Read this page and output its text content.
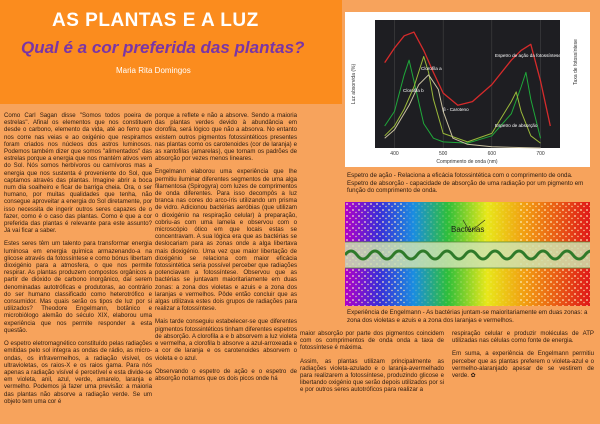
AS PLANTAS E A LUZ
Qual é a cor preferida das plantas?
Maria Rita Domingos

Como Carl Sagan disse "Somos todos poeira de estrelas". Afinal os elementos que nos constituem desde o carbono, elemento da vida, até ao ferro que nos corre nas veias e ao oxigénio que respiramos foram criados nos núcleos dos astros luminosos. Podemos também dizer que somos "alimentados" das estrelas porque a energia que nos mantém ativos vem do Sol. Nós somos herbívoros ou carnívoros mas a energia que nos sustenta é proveniente do Sol, que captamos através das plantas. Imagine abrir a boca num dia soalheiro e ficar de barriga cheia. Ora, o ser humano, por muitas qualidades que tenha, não consegue aproveitar a energia do Sol diretamente, por isso necessita de ingerir outros seres capazes de o fazer, como é o caso das plantas. Como é que a cor preferida das plantas é relevante para este assunto? Já vai ficar a saber.

Estes seres têm um talento para transformar energia luminosa em energia química armazenando-a na glicose através da fotossíntese e como bónus libertam dioxigénio para a atmosfera, o que nos permite respirar. As plantas produzem compostos orgânicos a partir de dióxido de carbono inorgânico, daí serem denominadas autotróficas e produtoras, ao contrário do ser humano classificado como heterotrófico e consumidor. Mas quais serão os tipos de luz por si utilizados? Theodore Engelmann, botânico e microbiólogo alemão do século XIX, elaborou uma experiência que nos permite responder a esta questão.

O espetro eletromagnético constituído pelas radiações emitidas pelo sol integra as ondas de rádio, as micro-ondas, os infravermelhos, a radiação visível, os ultravioletas, os raios-X e os raios gama. Para nós apenas a radiação visível é percetível e esta divide-se em violeta, anil, azul, verde, amarelo, laranja e vermelho. Podemos já fazer uma previsão: a maioria das plantas não absorve a radiação verde. Se um objeto tem uma cor é

porque a reflete e não a absorve. Sendo a maioria das plantas verdes devido à abundância em clorofila, será lógico que não a absorva. No entanto existem outros pigmentos fotossintéticos presentes nas plantas como os carotenoides (cor de laranja) e as xantofilas (amarelas), que tornam os padrões de absorção por vezes menos lineares.

Engelmann elaborou uma experiência que lhe permitiu iluminar diferentes segmentos de uma alga filamentosa (Spirogyra) com luzes de comprimentos de onda diferentes. Para isso decompôs a luz branca nas cores do arco-íris utilizando um prisma de vidro. Adicionou bactérias aeróbias (que utilizam o dioxigénio na respiração celular) à preparação, cobriu-as com uma lamela e observou com o microscópio ótico em que locais estas se concentravam. A sua lógica era que as bactérias se deslocariam para as zonas onde a alga libertava mais dioxigénio. Uma vez que maior libertação de dioxigénio se relaciona com maior eficácia fotossintética seria possível perceber que radiações potenciavam a fotossíntese. Observou que as bactérias se juntavam maioritariamente em duas zonas: a zona dos violetas e azuis e a zona dos laranjas e vermelhos. Pôde então concluir que as algas utilizava estes dois grupos de radiações para realizar a fotossíntese.

Mais tarde conseguiu estabelecer-se que diferentes pigmentos fotossintéticos tinham diferentes espetros de absorção. A clorofila a e b absorvem a luz violeta e vermelha, a clorofila b absorve a azul-arroxeada e a cor de laranja e os carotenoides absorvem o violeta e o azul.

Observando o espetro de ação e o espetro de absorção notamos que os dois picos onde há

maior absorção por parte dos pigmentos coincidem com os comprimentos de onda onda a taxa de fotossíntese é máxima.

Assim, as plantas utilizam principalmente as radiações violeta-azulado e o laranja-avermelhado para realizarem a fotossíntese, produzindo glicose e libertando oxigénio que serão depois utilizados por si e por outros seres autotróficos para realizar a

respiração celular e produzir moléculas de ATP utilizadas nas células como fonte de energia.

Em suma, a experiência de Engelmann permitiu perceber que as plantas preferem o violeta-azul e o vermelho-alaranjado apesar de se vestirem de verde. ✿

400	500	600	700
Luz absorvida (%)	Taxa de fotossíntese
Comprimento de onda (nm)
Espetro de ação da fotossíntese
Espetro de absorção
Clorofila a
Clorofila b
β - Caroteno
Espetro de ação - Relaciona a eficácia fotossintética com o comprimento de onda. Espetro de absorção - capacidade de absorção de uma radiação por um pigmento em função do comprimento de onda.
Bactérias
Experiência de Engelmann - As bactérias juntam-se maioritariamente em duas zonas: a zona dos violetas e azuis e a zona dos laranjas e vermelhos.
